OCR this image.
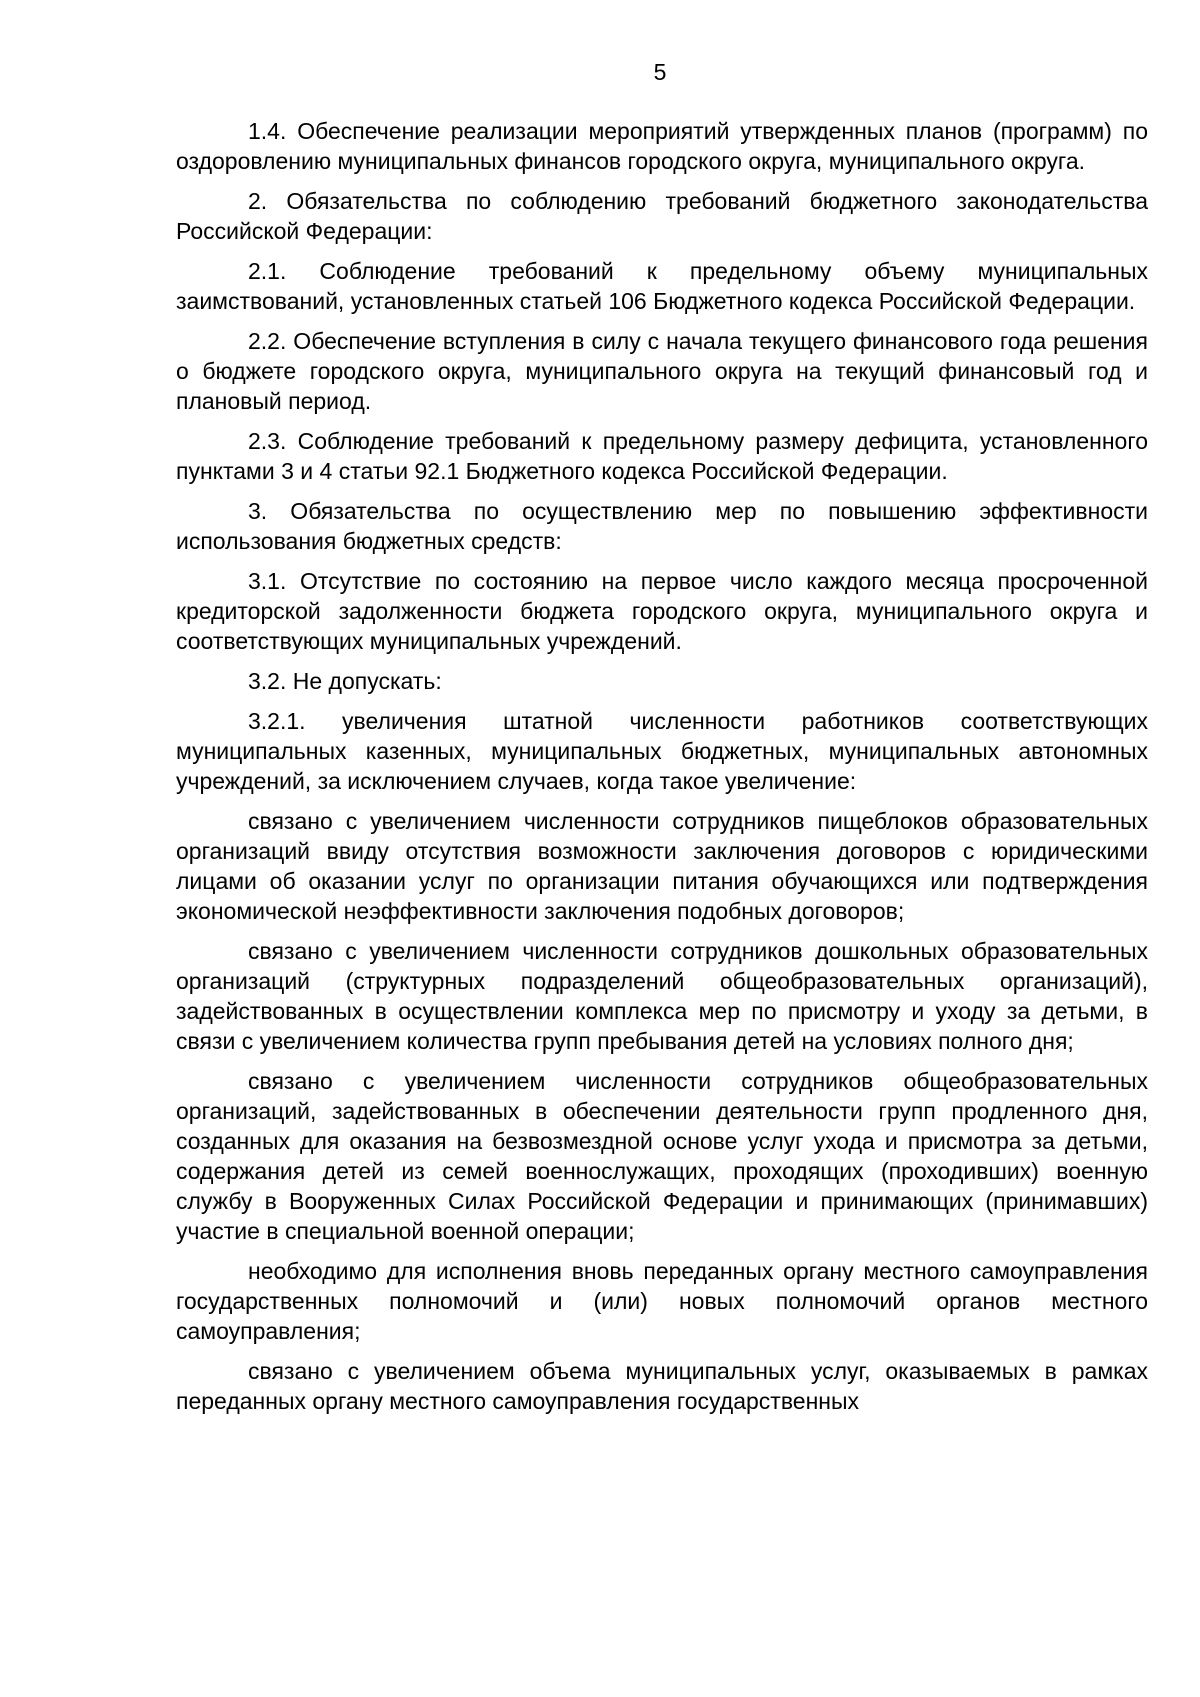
5

1.4. Обеспечение реализации мероприятий утвержденных планов (программ) по оздоровлению муниципальных финансов городского округа, муниципального округа.

2. Обязательства по соблюдению требований бюджетного законодательства Российской Федерации:

2.1. Соблюдение требований к предельному объему муниципальных заимствований, установленных статьей 106 Бюджетного кодекса Российской Федерации.

2.2. Обеспечение вступления в силу с начала текущего финансового года решения о бюджете городского округа, муниципального округа на текущий финансовый год и плановый период.

2.3. Соблюдение требований к предельному размеру дефицита, установленного пунктами 3 и 4 статьи 92.1 Бюджетного кодекса Российской Федерации.

3. Обязательства по осуществлению мер по повышению эффективности использования бюджетных средств:

3.1. Отсутствие по состоянию на первое число каждого месяца просроченной кредиторской задолженности бюджета городского округа, муниципального округа и соответствующих муниципальных учреждений.

3.2. Не допускать:

3.2.1. увеличения штатной численности работников соответствующих муниципальных казенных, муниципальных бюджетных, муниципальных автономных учреждений, за исключением случаев, когда такое увеличение:

связано с увеличением численности сотрудников пищеблоков образовательных организаций ввиду отсутствия возможности заключения договоров с юридическими лицами об оказании услуг по организации питания обучающихся или подтверждения экономической неэффективности заключения подобных договоров;

связано с увеличением численности сотрудников дошкольных образовательных организаций (структурных подразделений общеобразовательных организаций), задействованных в осуществлении комплекса мер по присмотру и уходу за детьми, в связи с увеличением количества групп пребывания детей на условиях полного дня;

связано с увеличением численности сотрудников общеобразовательных организаций, задействованных в обеспечении деятельности групп продленного дня, созданных для оказания на безвозмездной основе услуг ухода и присмотра за детьми, содержания детей из семей военнослужащих, проходящих (проходивших) военную службу в Вооруженных Силах Российской Федерации и принимающих (принимавших) участие в специальной военной операции;

необходимо для исполнения вновь переданных органу местного самоуправления государственных полномочий и (или) новых полномочий органов местного самоуправления;

связано с увеличением объема муниципальных услуг, оказываемых в рамках переданных органу местного самоуправления государственных
